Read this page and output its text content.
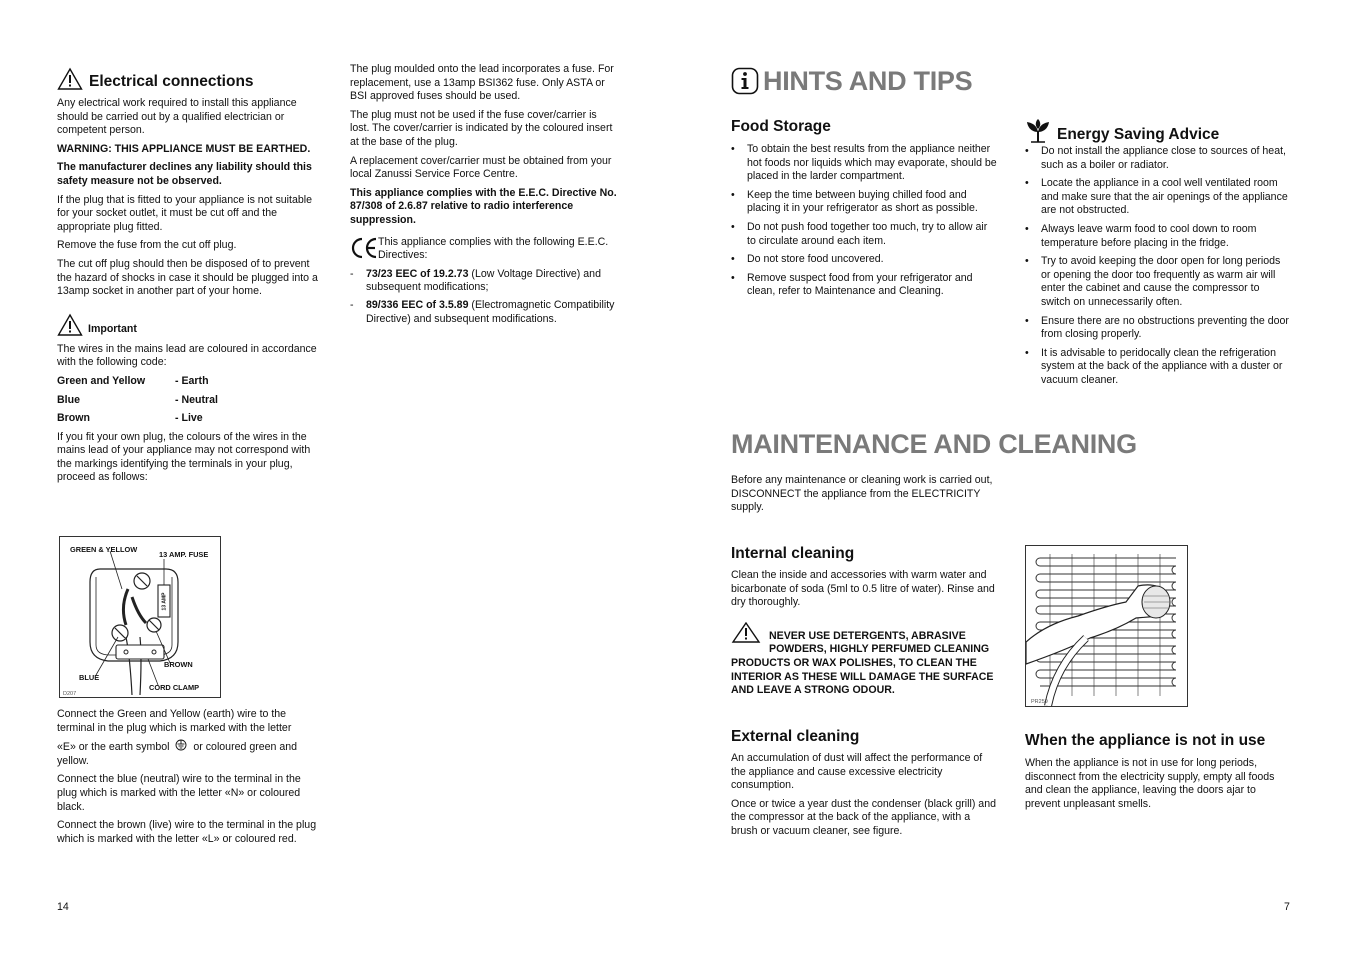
Electrical connections

Any electrical work required to install this appliance should be carried out by a qualified electrician or competent person.

WARNING: THIS APPLIANCE MUST BE EARTHED.

The manufacturer declines any liability should this safety measure not be observed.

If the plug that is fitted to your appliance is not suitable for your socket outlet, it must be cut off and the appropriate plug fitted.

Remove the fuse from the cut off plug.

The cut off plug should then be disposed of to prevent the hazard of shocks in case it should be plugged into a 13amp socket in another part of your home.

Important

The wires in the mains lead are coloured in accordance with the following code:

Green and Yellow	- Earth
Blue	- Neutral
Brown	- Live

If you fit your own plug, the colours of the wires in the mains lead of your appliance may not correspond with the markings identifying the terminals in your plug, proceed as follows:

GREEN & YELLOW
13 AMP. FUSE
13 AMP
BROWN
BLUE
CORD CLAMP
D207

Connect the Green and Yellow (earth) wire to the terminal in the plug which is marked with the letter

«E» or the earth symbol or coloured green and yellow.

Connect the blue (neutral) wire to the terminal in the plug which is marked with the letter «N» or coloured black.

Connect the brown (live) wire to the terminal in the plug which is marked with the letter «L» or coloured red.

14

The plug moulded onto the lead incorporates a fuse. For replacement, use a 13amp BSI362 fuse. Only ASTA or BSI approved fuses should be used.

The plug must not be used if the fuse cover/carrier is lost. The cover/carrier is indicated by the coloured insert at the base of the plug.

A replacement cover/carrier must be obtained from your local Zanussi Service Force Centre.

This appliance complies with the E.E.C. Directive No. 87/308 of 2.6.87 relative to radio interference suppression.

This appliance complies with the following E.E.C. Directives:
- 73/23 EEC of 19.2.73 (Low Voltage Directive) and subsequent modifications;
- 89/336 EEC of 3.5.89 (Electromagnetic Compatibility Directive) and subsequent modifications.
HINTS AND TIPS
Food Storage
• To obtain the best results from the appliance neither hot foods nor liquids which may evaporate, should be placed in the larder compartment.
• Keep the time between buying chilled food and placing it in your refrigerator as short as possible.
• Do not push food together too much, try to allow air to circulate around each item.
• Do not store food uncovered.
• Remove suspect food from your refrigerator and clean, refer to Maintenance and Cleaning.
Energy Saving Advice
• Do not install the appliance close to sources of heat, such as a boiler or radiator.
• Locate the appliance in a cool well ventilated room and make sure that the air openings of the appliance are not obstructed.
• Always leave warm food to cool down to room temperature before placing in the fridge.
• Try to avoid keeping the door open for long periods or opening the door too frequently as warm air will enter the cabinet and cause the compressor to switch on unnecessarily often.
• Ensure there are no obstructions preventing the door from closing properly.
• It is advisable to peridocally clean the refrigeration system at the back of the appliance with a duster or vacuum cleaner.
MAINTENANCE AND CLEANING

Before any maintenance or cleaning work is carried out, DISCONNECT the appliance from the ELECTRICITY supply.

Internal cleaning

Clean the inside and accessories with warm water and bicarbonate of soda (5ml to 0.5 litre of water). Rinse and dry thoroughly.

NEVER USE DETERGENTS, ABRASIVE POWDERS, HIGHLY PERFUMED CLEANING PRODUCTS OR WAX POLISHES, TO CLEAN THE INTERIOR AS THESE WILL DAMAGE THE SURFACE AND LEAVE A STRONG ODOUR.
External cleaning

An accumulation of dust will affect the performance of the appliance and cause excessive electricity consumption.

Once or twice a year dust the condenser (black grill) and the compressor at the back of the appliance, with a brush or vacuum cleaner, see figure.

PR259
When the appliance is not in use

When the appliance is not in use for long periods, disconnect from the electricity supply, empty all foods and clean the appliance, leaving the doors ajar to prevent unpleasant smells.

7
